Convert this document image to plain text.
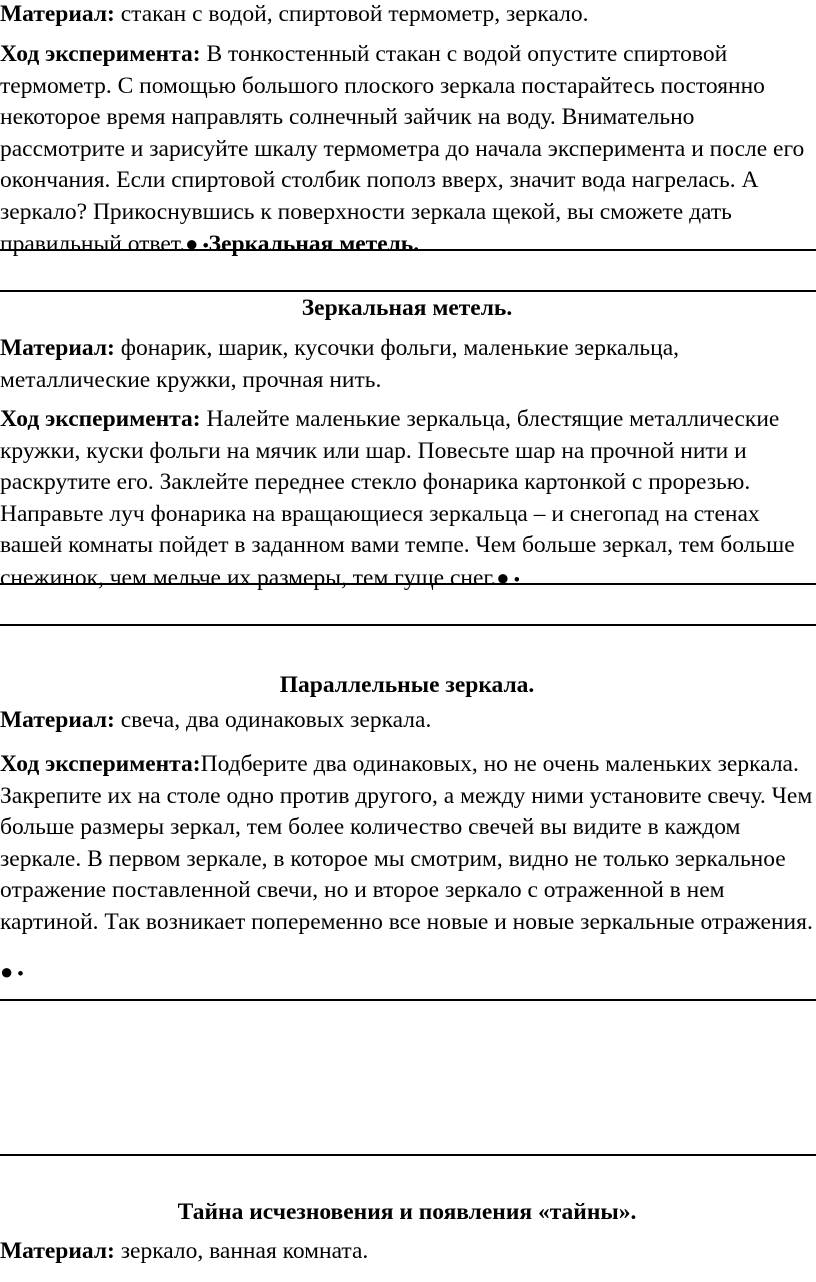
Материал: стакан с водой, спиртовой термометр, зеркало.

Ход эксперимента: В тонкостенный стакан с водой опустите спиртовой термометр. С помощью большого плоского зеркала постарайтесь постоянно некоторое время направлять солнечный зайчик на воду. Внимательно рассмотрите и зарисуйте шкалу термометра до начала эксперимента и после его окончания. Если спиртовой столбик пополз вверх, значит вода нагрелась. А зеркало? Прикоснувшись к поверхности зеркала щекой, вы сможете дать правильный ответ.● •Зеркальная метель.

Зеркальная метель.

Материал: фонарик, шарик, кусочки фольги, маленькие зеркальца, металлические кружки, прочная нить.

Ход эксперимента: Налейте маленькие зеркальца, блестящие металлические кружки, куски фольги на мячик или шар. Повесьте шар на прочной нити и раскрутите его. Заклейте переднее стекло фонарика картонкой с прорезью. Направьте луч фонарика на вращающиеся зеркальца – и снегопад на стенах вашей комнаты пойдет в заданном вами темпе. Чем больше зеркал, тем больше снежинок, чем мельче их размеры, тем гуще снег.● •

Параллельные зеркала.

Материал: свеча, два одинаковых зеркала.

Ход эксперимента:Подберите два одинаковых, но не очень маленьких зеркала. Закрепите их на столе одно против другого, а между ними установите свечу. Чем больше размеры зеркал, тем более количество свечей вы видите в каждом зеркале. В первом зеркале, в которое мы смотрим, видно не только зеркальное отражение поставленной свечи, но и второе зеркало с отраженной в нем картиной. Так возникает попеременно все новые и новые зеркальные отражения.

● •

Тайна исчезновения и появления «тайны».

Материал: зеркало, ванная комната.
